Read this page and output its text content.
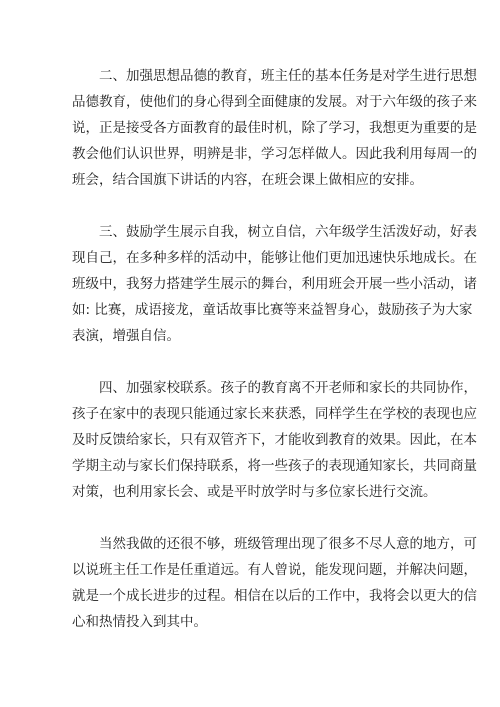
　　二、加强思想品德的教育，班主任的基本任务是对学生进行思想
品德教育，使他们的身心得到全面健康的发展。对于六年级的孩子来
说，正是接受各方面教育的最佳时机，除了学习，我想更为重要的是
教会他们认识世界，明辨是非，学习怎样做人。因此我利用每周一的
班会，结合国旗下讲话的内容，在班会课上做相应的安排。

　　三、鼓励学生展示自我，树立自信，六年级学生活泼好动，好表
现自己，在多种多样的活动中，能够让他们更加迅速快乐地成长。在
班级中，我努力搭建学生展示的舞台，利用班会开展一些小活动，诸
如: 比赛，成语接龙，童话故事比赛等来益智身心，鼓励孩子为大家
表演，增强自信。

　　四、加强家校联系。孩子的教育离不开老师和家长的共同协作，
孩子在家中的表现只能通过家长来获悉，同样学生在学校的表现也应
及时反馈给家长，只有双管齐下，才能收到教育的效果。因此，在本
学期主动与家长们保持联系，将一些孩子的表现通知家长，共同商量
对策，也利用家长会、或是平时放学时与多位家长进行交流。

　　当然我做的还很不够，班级管理出现了很多不尽人意的地方，可
以说班主任工作是任重道远。有人曾说，能发现问题，并解决问题，
就是一个成长进步的过程。相信在以后的工作中，我将会以更大的信
心和热情投入到其中。
